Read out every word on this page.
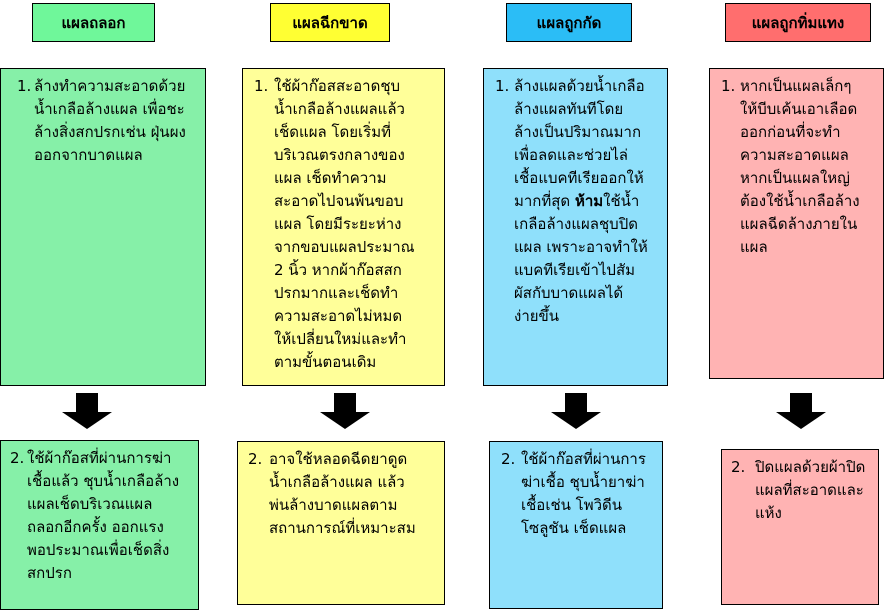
แผลถลอก
1. ล้างทำความสะอาดด้วย
น้ำเกลือล้างแผล เพื่อชะ
ล้างสิ่งสกปรกเช่น ฝุ่นผง
ออกจากบาดแผล
2. ใช้ผ้าก๊อสที่ผ่านการฆ่า
เชื้อแล้ว ชุบน้ำเกลือล้าง
แผลเช็ดบริเวณแผล
ถลอกอีกครั้ง ออกแรง
พอประมาณเพื่อเช็ดสิ่ง
สกปรก
แผลฉีกขาด
1. ใช้ผ้าก๊อสสะอาดชุบ
น้ำเกลือล้างแผลแล้ว
เช็ดแผล โดยเริ่มที่
บริเวณตรงกลางของ
แผล เช็ดทำความ
สะอาดไปจนพ้นขอบ
แผล โดยมีระยะห่าง
จากขอบแผลประมาณ
2 นิ้ว หากผ้าก๊อสสก
ปรกมากและเช็ดทำ
ความสะอาดไม่หมด
ให้เปลี่ยนใหม่และทำ
ตามขั้นตอนเดิม
2. อาจใช้หลอดฉีดยาดูด
น้ำเกลือล้างแผล แล้ว
พ่นล้างบาดแผลตาม
สถานการณ์ที่เหมาะสม
แผลถูกกัด
1. ล้างแผลด้วยน้ำเกลือ
ล้างแผลทันทีโดย
ล้างเป็นปริมาณมาก
เพื่อลดและช่วยไล่
เชื้อแบคทีเรียออกให้
มากที่สุด ห้ามใช้น้ำ
เกลือล้างแผลชุบปิด
แผล เพราะอาจทำให้
แบคทีเรียเข้าไปสัม
ผัสกับบาดแผลได้
ง่ายขึ้น
2. ใช้ผ้าก๊อสที่ผ่านการ
ฆ่าเชื้อ ชุบน้ำยาฆ่า
เชื้อเช่น โพวิดีน
โซลูชัน เช็ดแผล
แผลถูกทิ่มแทง
1. หากเป็นแผลเล็กๆ
ให้บีบเค้นเอาเลือด
ออกก่อนที่จะทำ
ความสะอาดแผล
หากเป็นแผลใหญ่
ต้องใช้น้ำเกลือล้าง
แผลฉีดล้างภายใน
แผล
2. ปิดแผลด้วยผ้าปิด
แผลที่สะอาดและ
แห้ง
